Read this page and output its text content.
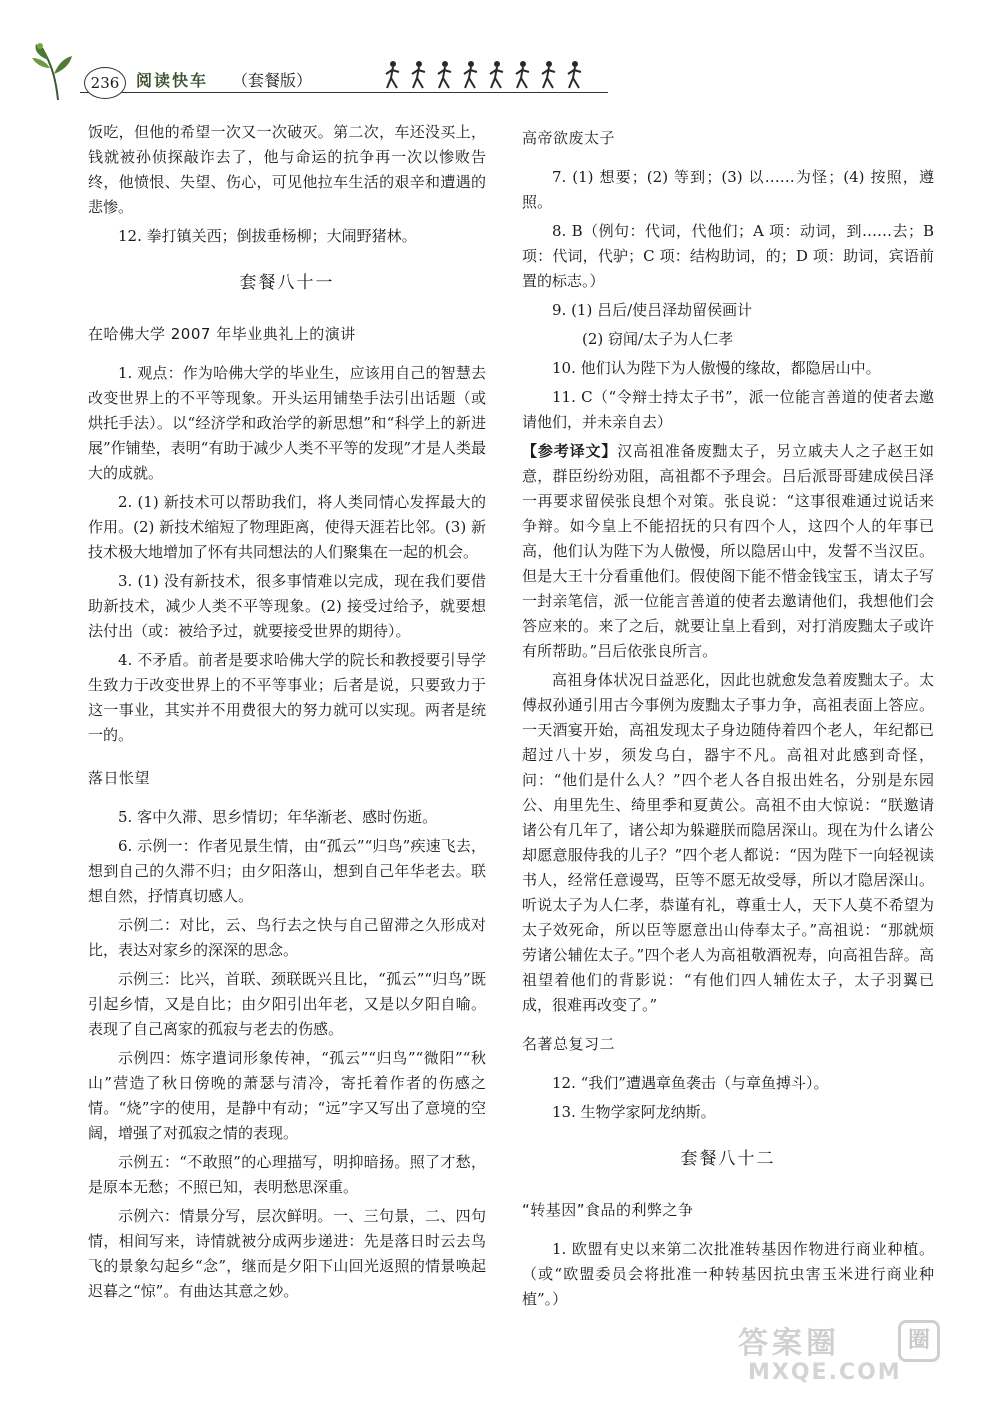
236	阅读快车 （套餐版）

饭吃，但他的希望一次又一次破灭。第二次，车还没买上，钱就被孙侦探敲诈去了，他与命运的抗争再一次以惨败告终，他愤恨、失望、伤心，可见他拉车生活的艰辛和遭遇的悲惨。

12. 拳打镇关西；倒拔垂杨柳；大闹野猪林。

套餐八十一
在哈佛大学 2007 年毕业典礼上的演讲

1. 观点：作为哈佛大学的毕业生，应该用自己的智慧去改变世界上的不平等现象。开头运用铺垫手法引出话题（或烘托手法）。以“经济学和政治学的新思想”和“科学上的新进展”作铺垫，表明“有助于减少人类不平等的发现”才是人类最大的成就。

2. (1) 新技术可以帮助我们，将人类同情心发挥最大的作用。(2) 新技术缩短了物理距离，使得天涯若比邻。(3) 新技术极大地增加了怀有共同想法的人们聚集在一起的机会。

3. (1) 没有新技术，很多事情难以完成，现在我们要借助新技术，减少人类不平等现象。(2) 接受过给予，就要想法付出（或：被给予过，就要接受世界的期待）。

4. 不矛盾。前者是要求哈佛大学的院长和教授要引导学生致力于改变世界上的不平等事业；后者是说，只要致力于这一事业，其实并不用费很大的努力就可以实现。两者是统一的。

落日怅望

5. 客中久滞、思乡情切；年华渐老、感时伤逝。

6. 示例一：作者见景生情，由“孤云”“归鸟”疾速飞去，想到自己的久滞不归；由夕阳落山，想到自己年华老去。联想自然，抒情真切感人。

示例二：对比，云、鸟行去之快与自己留滞之久形成对比，表达对家乡的深深的思念。

示例三：比兴，首联、颈联既兴且比，“孤云”“归鸟”既引起乡情，又是自比；由夕阳引出年老，又是以夕阳自喻。表现了自己离家的孤寂与老去的伤感。

示例四：炼字遣词形象传神，“孤云”“归鸟”“微阳”“秋山”营造了秋日傍晚的萧瑟与清冷，寄托着作者的伤感之情。“烧”字的使用，是静中有动；“远”字又写出了意境的空阔，增强了对孤寂之情的表现。

示例五：“不敢照”的心理描写，明抑暗扬。照了才愁，是原本无愁；不照已知，表明愁思深重。

示例六：情景分写，层次鲜明。一、三句景，二、四句情，相间写来，诗情就被分成两步递进：先是落日时云去鸟飞的景象勾起乡“念”，继而是夕阳下山回光返照的情景唤起迟暮之“惊”。有曲达其意之妙。

高帝欲废太子

7. (1) 想要；(2) 等到；(3) 以……为怪；(4) 按照，遵照。

8. B（例句：代词，代他们；A 项：动词，到……去；B 项：代词，代驴；C 项：结构助词，的；D 项：助词，宾语前置的标志。）

9. (1) 吕后/使吕泽劫留侯画计

(2) 窃闻/太子为人仁孝

10. 他们认为陛下为人傲慢的缘故，都隐居山中。

11. C（“令辩士持太子书”，派一位能言善道的使者去邀请他们，并未亲自去）

【参考译文】汉高祖准备废黜太子，另立戚夫人之子赵王如意，群臣纷纷劝阻，高祖都不予理会。吕后派哥哥建成侯吕泽一再要求留侯张良想个对策。张良说：“这事很难通过说话来争辩。如今皇上不能招抚的只有四个人，这四个人的年事已高，他们认为陛下为人傲慢，所以隐居山中，发誓不当汉臣。但是大王十分看重他们。假使阁下能不惜金钱宝玉，请太子写一封亲笔信，派一位能言善道的使者去邀请他们，我想他们会答应来的。来了之后，就要让皇上看到，对打消废黜太子或许有所帮助。”吕后依张良所言。

高祖身体状况日益恶化，因此也就愈发急着废黜太子。太傅叔孙通引用古今事例为废黜太子事力争，高祖表面上答应。一天酒宴开始，高祖发现太子身边随侍着四个老人，年纪都已超过八十岁，须发乌白，器宇不凡。高祖对此感到奇怪，问：“他们是什么人？”四个老人各自报出姓名，分别是东园公、甪里先生、绮里季和夏黄公。高祖不由大惊说：“朕邀请诸公有几年了，诸公却为躲避朕而隐居深山。现在为什么诸公却愿意服侍我的儿子？”四个老人都说：“因为陛下一向轻视读书人，经常任意谩骂，臣等不愿无故受辱，所以才隐居深山。听说太子为人仁孝，恭谨有礼，尊重士人，天下人莫不希望为太子效死命，所以臣等愿意出山侍奉太子。”高祖说：“那就烦劳诸公辅佐太子。”四个老人为高祖敬酒祝寿，向高祖告辞。高祖望着他们的背影说：“有他们四人辅佐太子，太子羽翼已成，很难再改变了。”

名著总复习二

12. “我们”遭遇章鱼袭击（与章鱼搏斗）。

13. 生物学家阿龙纳斯。

套餐八十二
“转基因”食品的利弊之争

1. 欧盟有史以来第二次批准转基因作物进行商业种植。（或“欧盟委员会将批准一种转基因抗虫害玉米进行商业种植”。）

答案圈	圈
MXQE.COM
